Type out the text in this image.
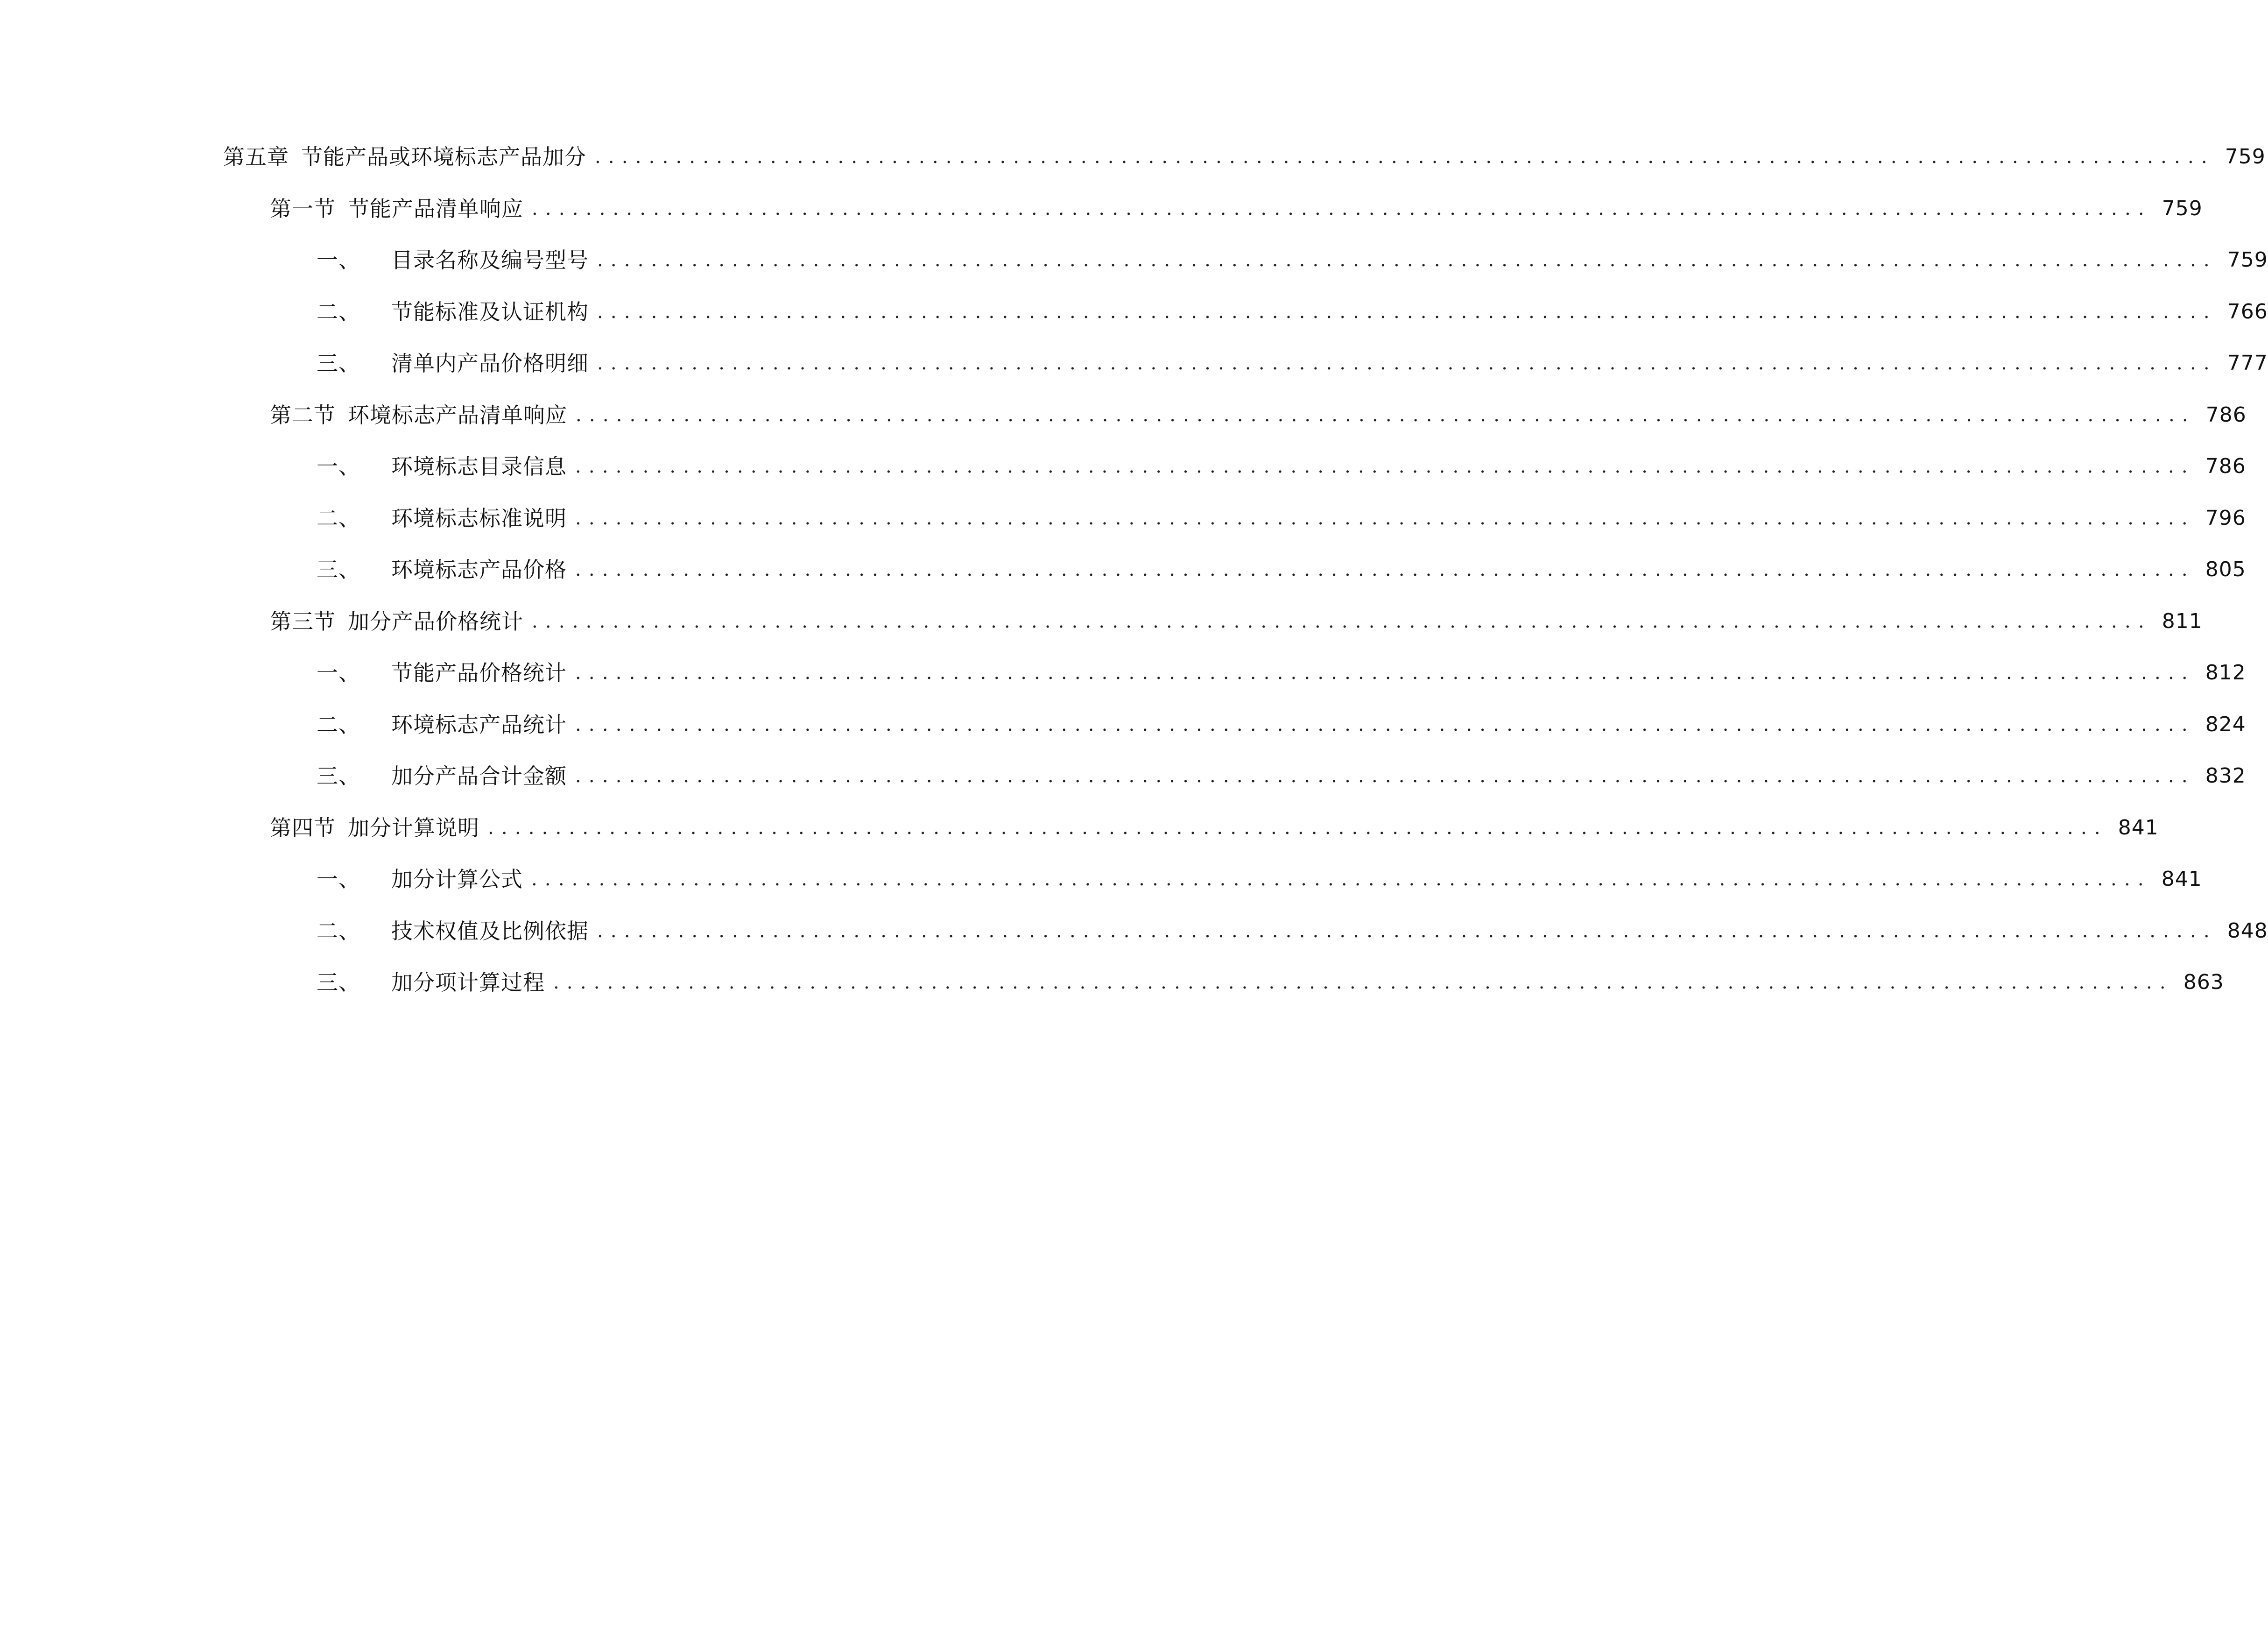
第五章 节能产品或环境标志产品加分 ........................................................................................................................ 759
第一节 节能产品清单响应 ........................................................................................................................ 759
一、 目录名称及编号型号 ........................................................................................................................ 759
二、 节能标准及认证机构 ........................................................................................................................ 766
三、 清单内产品价格明细 ........................................................................................................................ 777
第二节 环境标志产品清单响应 ........................................................................................................................ 786
一、 环境标志目录信息 ........................................................................................................................ 786
二、 环境标志标准说明 ........................................................................................................................ 796
三、 环境标志产品价格 ........................................................................................................................ 805
第三节 加分产品价格统计 ........................................................................................................................ 811
一、 节能产品价格统计 ........................................................................................................................ 812
二、 环境标志产品统计 ........................................................................................................................ 824
三、 加分产品合计金额 ........................................................................................................................ 832
第四节 加分计算说明 ........................................................................................................................ 841
一、 加分计算公式 ........................................................................................................................ 841
二、 技术权值及比例依据 ........................................................................................................................ 848
三、 加分项计算过程 ........................................................................................................................ 863
